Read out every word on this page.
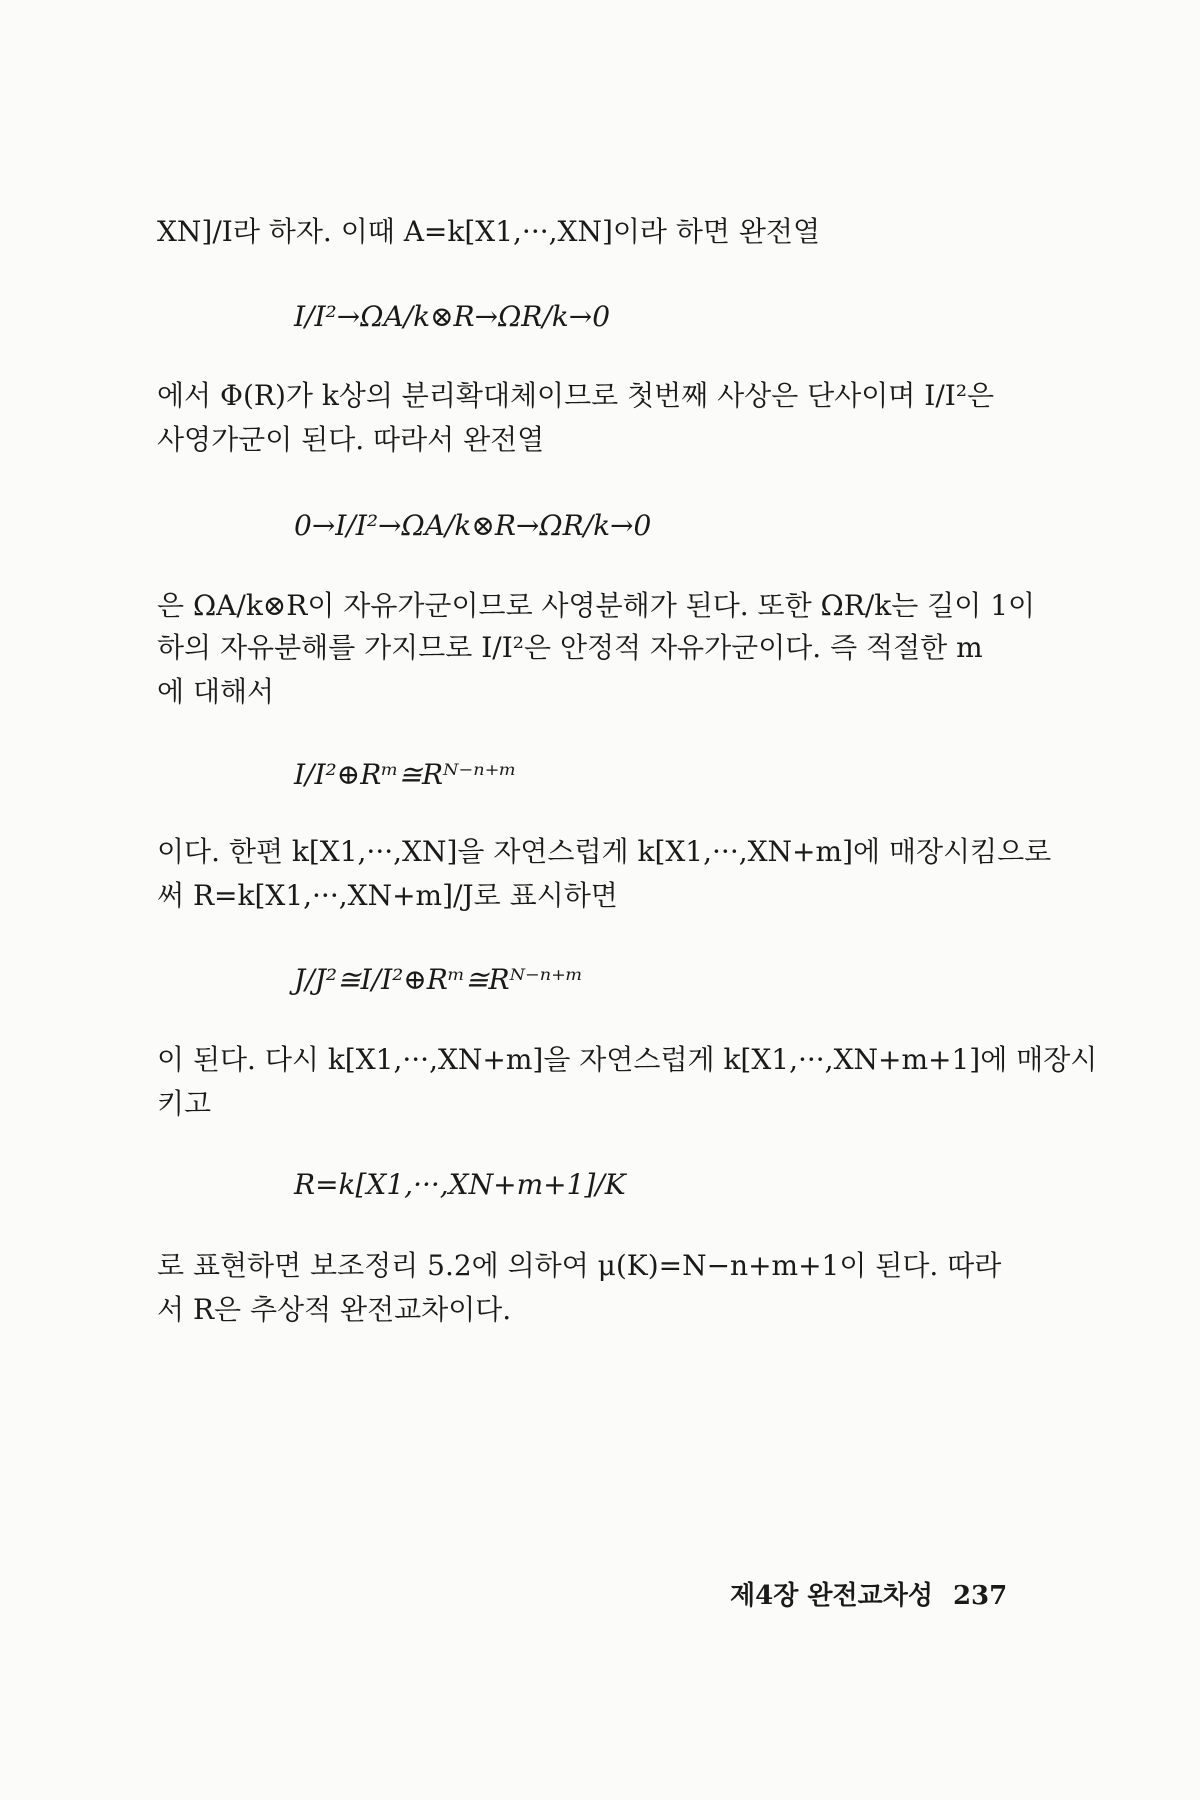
XN]/I라 하자. 이때 A=k[X1,···,XN]이라 하면 완전열
I/I²→ΩA/k⊗R→ΩR/k→0
에서 Φ(R)가 k상의 분리확대체이므로 첫번째 사상은 단사이며 I/I²은
사영가군이 된다. 따라서 완전열
0→I/I²→ΩA/k⊗R→ΩR/k→0
은 ΩA/k⊗R이 자유가군이므로 사영분해가 된다. 또한 ΩR/k는 길이 1이
하의 자유분해를 가지므로 I/I²은 안정적 자유가군이다. 즉 적절한 m
에 대해서
I/I²⊕Rᵐ≅Rᴺ⁻ⁿ⁺ᵐ
이다. 한편 k[X1,···,XN]을 자연스럽게 k[X1,···,XN+m]에 매장시킴으로
써 R=k[X1,···,XN+m]/J로 표시하면
J/J²≅I/I²⊕Rᵐ≅Rᴺ⁻ⁿ⁺ᵐ
이 된다. 다시 k[X1,···,XN+m]을 자연스럽게 k[X1,···,XN+m+1]에 매장시
키고
R=k[X1,···,XN+m+1]/K
로 표현하면 보조정리 5.2에 의하여 μ(K)=N−n+m+1이 된다. 따라
서 R은 추상적 완전교차이다.
제4장 완전교차성 237
